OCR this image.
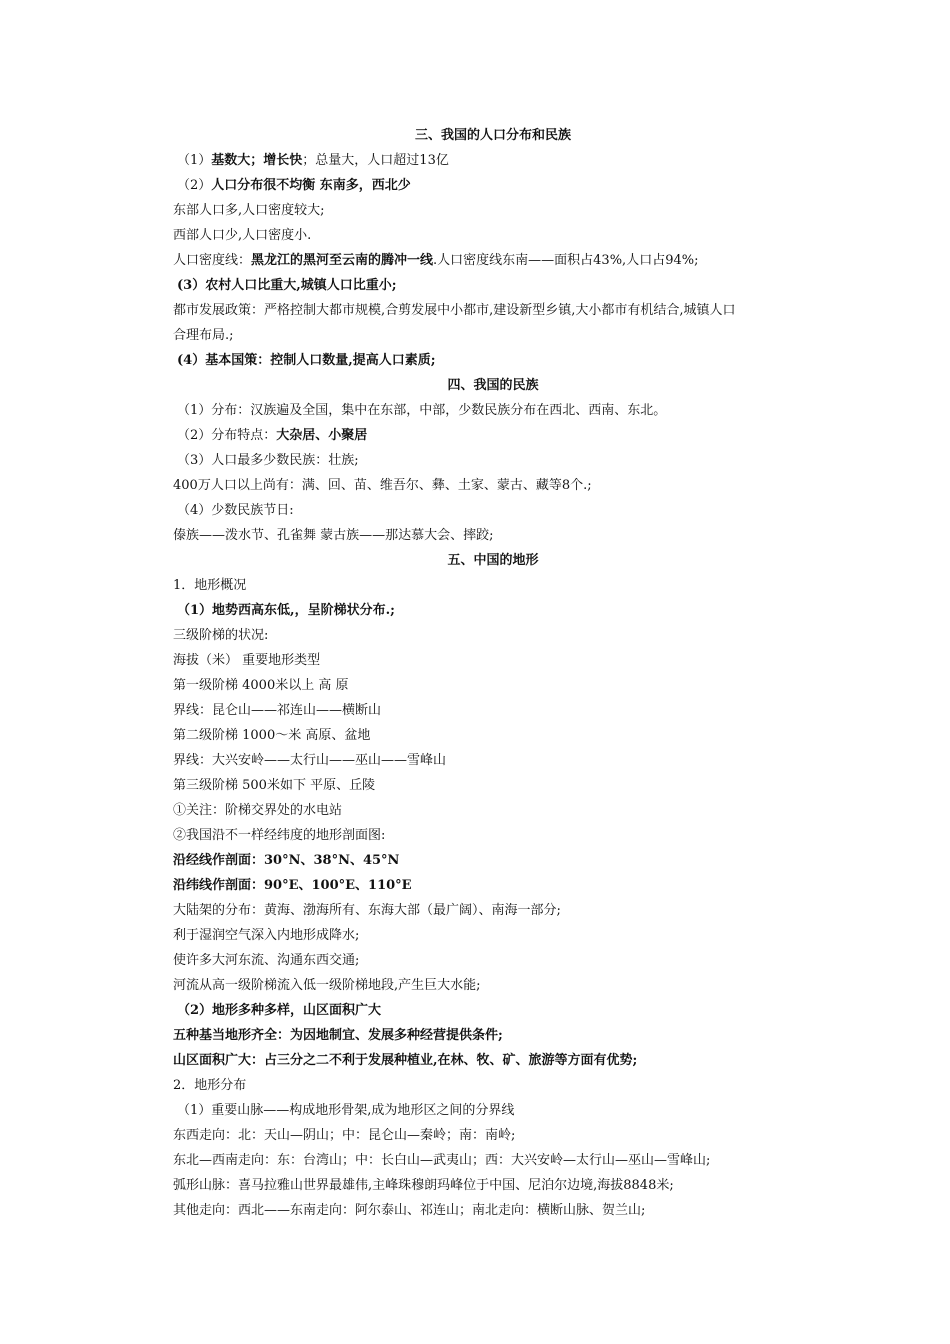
三、我国的人口分布和民族
（1）基数大；增长快；总量大，人口超过13亿
（2）人口分布很不均衡 东南多，西北少
东部人口多,人口密度较大;
西部人口少,人口密度小.
人口密度线：黑龙江的黑河至云南的腾冲一线.人口密度线东南——面积占43%,人口占94%;
(3）农村人口比重大,城镇人口比重小;
都市发展政策：严格控制大都市规模,合剪发展中小都市,建设新型乡镇,大小都市有机结合,城镇人口
合理布局.;
(4）基本国策：控制人口数量,提高人口素质;
四、我国的民族
（1）分布：汉族遍及全国，集中在东部，中部，少数民族分布在西北、西南、东北。
（2）分布特点：大杂居、小聚居
（3）人口最多少数民族：壮族;
400万人口以上尚有：满、回、苗、维吾尔、彝、土家、蒙古、藏等8个.;
（4）少数民族节日:
傣族——泼水节、孔雀舞 蒙古族——那达慕大会、摔跤;
五、中国的地形
1．地形概况
（1）地势西高东低,，呈阶梯状分布.;
三级阶梯的状况:
海拔（米） 重要地形类型
第一级阶梯 4000米以上 高 原
界线：昆仑山——祁连山——横断山
第二级阶梯 1000～米 高原、盆地
界线：大兴安岭——太行山——巫山——雪峰山
第三级阶梯 500米如下 平原、丘陵
①关注：阶梯交界处的水电站
②我国沿不一样经纬度的地形剖面图:
沿经线作剖面：30°N、38°N、45°N
沿纬线作剖面：90°E、100°E、110°E
大陆架的分布：黄海、渤海所有、东海大部（最广阔）、南海一部分;
利于湿润空气深入内地形成降水;
使许多大河东流、沟通东西交通;
河流从高一级阶梯流入低一级阶梯地段,产生巨大水能;
（2）地形多种多样，山区面积广大
五种基当地形齐全：为因地制宜、发展多种经营提供条件;
山区面积广大：占三分之二不利于发展种植业,在林、牧、矿、旅游等方面有优势;
2．地形分布
（1）重要山脉——构成地形骨架,成为地形区之间的分界线
东西走向：北：天山—阴山；中：昆仑山—秦岭；南：南岭;
东北—西南走向：东：台湾山；中：长白山—武夷山；西：大兴安岭—太行山—巫山—雪峰山;
弧形山脉：喜马拉雅山世界最雄伟,主峰珠穆朗玛峰位于中国、尼泊尔边境,海拔8848米;
其他走向：西北——东南走向：阿尔泰山、祁连山；南北走向：横断山脉、贺兰山;
